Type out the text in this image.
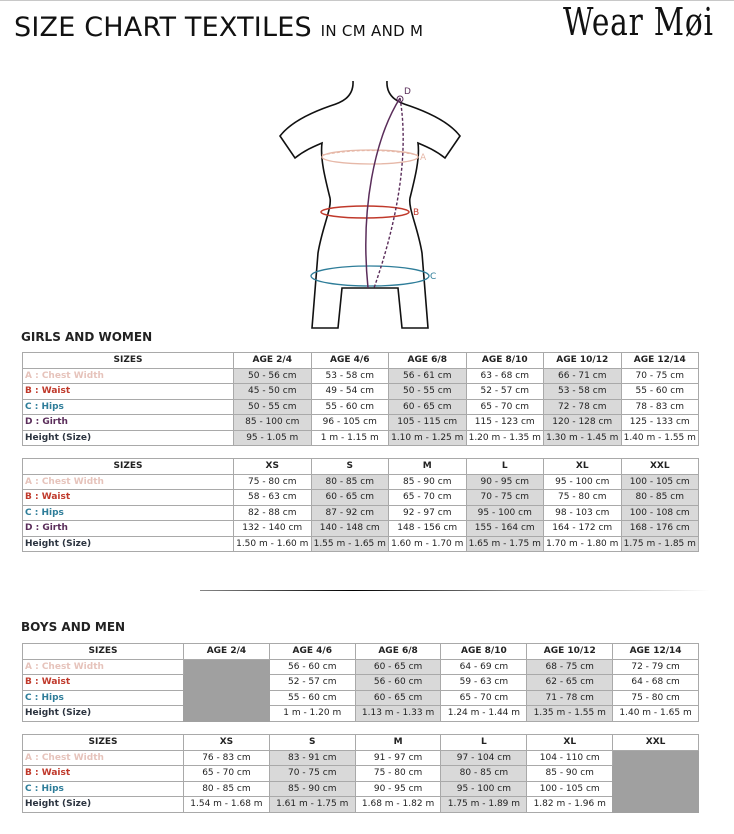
SIZE CHART TEXTILES IN CM AND M	Wear Møi
A
B
C
D
GIRLS AND WOMEN
SIZES	AGE 2/4	AGE 4/6	AGE 6/8	AGE 8/10	AGE 10/12	AGE 12/14
A : Chest Width	50 - 56 cm	53 - 58 cm	56 - 61 cm	63 - 68 cm	66 - 71 cm	70 - 75 cm
B : Waist	45 - 50 cm	49 - 54 cm	50 - 55 cm	52 - 57 cm	53 - 58 cm	55 - 60 cm
C : Hips	50 - 55 cm	55 - 60 cm	60 - 65 cm	65 - 70 cm	72 - 78 cm	78 - 83 cm
D : Girth	85 - 100 cm	96 - 105 cm	105 - 115 cm	115 - 123 cm	120 - 128 cm	125 - 133 cm
Height (Size)	95 - 1.05 m	1 m - 1.15 m	1.10 m - 1.25 m	1.20 m - 1.35 m	1.30 m - 1.45 m	1.40 m - 1.55 m
SIZES	XS	S	M	L	XL	XXL
A : Chest Width	75 - 80 cm	80 - 85 cm	85 - 90 cm	90 - 95 cm	95 - 100 cm	100 - 105 cm
B : Waist	58 - 63 cm	60 - 65 cm	65 - 70 cm	70 - 75 cm	75 - 80 cm	80 - 85 cm
C : Hips	82 - 88 cm	87 - 92 cm	92 - 97 cm	95 - 100 cm	98 - 103 cm	100 - 108 cm
D : Girth	132 - 140 cm	140 - 148 cm	148 - 156 cm	155 - 164 cm	164 - 172 cm	168 - 176 cm
Height (Size)	1.50 m - 1.60 m	1.55 m - 1.65 m	1.60 m - 1.70 m	1.65 m - 1.75 m	1.70 m - 1.80 m	1.75 m - 1.85 m
BOYS AND MEN
SIZES	AGE 2/4	AGE 4/6	AGE 6/8	AGE 8/10	AGE 10/12	AGE 12/14
A : Chest Width		56 - 60 cm	60 - 65 cm	64 - 69 cm	68 - 75 cm	72 - 79 cm
B : Waist		52 - 57 cm	56 - 60 cm	59 - 63 cm	62 - 65 cm	64 - 68 cm
C : Hips		55 - 60 cm	60 - 65 cm	65 - 70 cm	71 - 78 cm	75 - 80 cm
Height (Size)		1 m - 1.20 m	1.13 m - 1.33 m	1.24 m - 1.44 m	1.35 m - 1.55 m	1.40 m - 1.65 m
SIZES	XS	S	M	L	XL	XXL
A : Chest Width	76 - 83 cm	83 - 91 cm	91 - 97 cm	97 - 104 cm	104 - 110 cm	
B : Waist	65 - 70 cm	70 - 75 cm	75 - 80 cm	80 - 85 cm	85 - 90 cm	
C : Hips	80 - 85 cm	85 - 90 cm	90 - 95 cm	95 - 100 cm	100 - 105 cm	
Height (Size)	1.54 m - 1.68 m	1.61 m - 1.75 m	1.68 m - 1.82 m	1.75 m - 1.89 m	1.82 m - 1.96 m	
